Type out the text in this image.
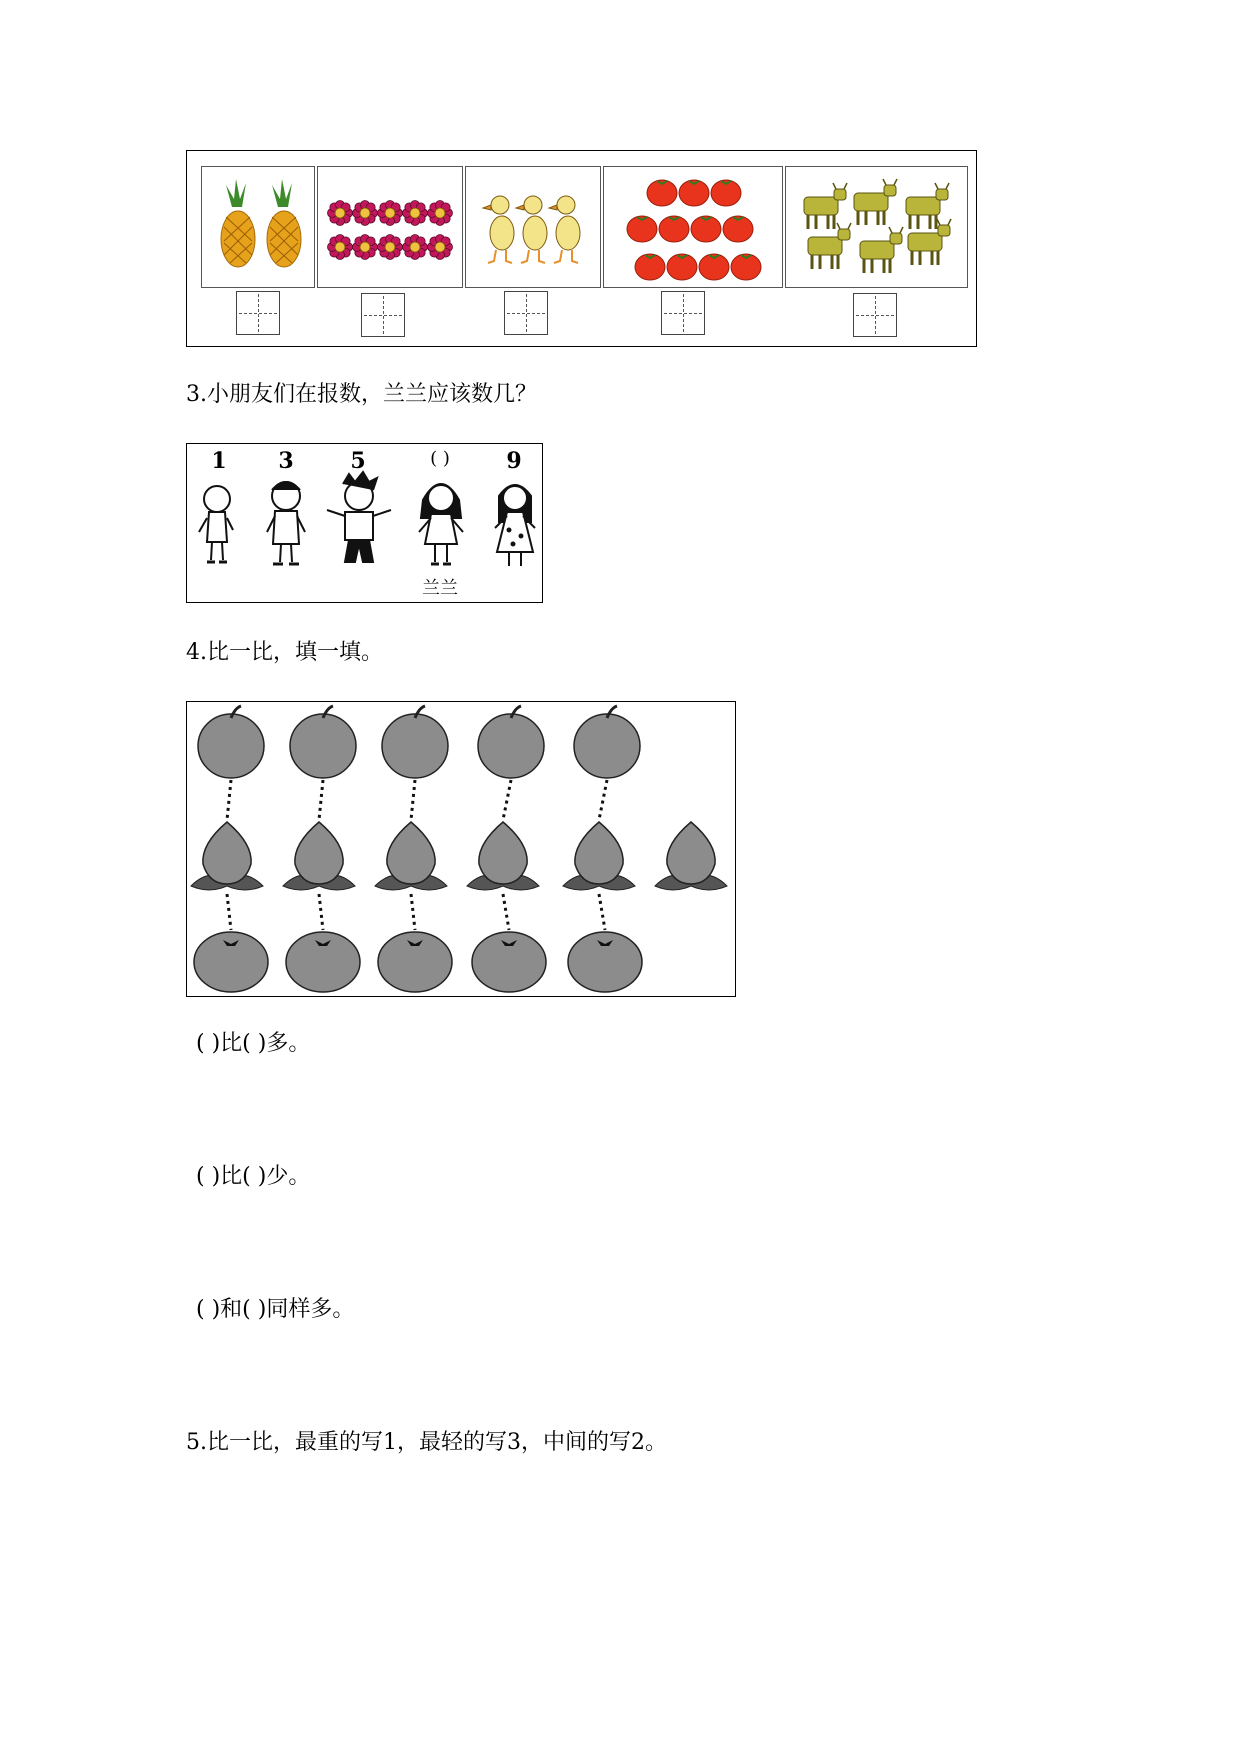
3.小朋友们在报数，兰兰应该数几？
1 3	5	( )	9
兰兰
4.比一比，填一填。
( )比( )多。
( )比( )少。
( )和( )同样多。
5.比一比，最重的写1，最轻的写3，中间的写2。
